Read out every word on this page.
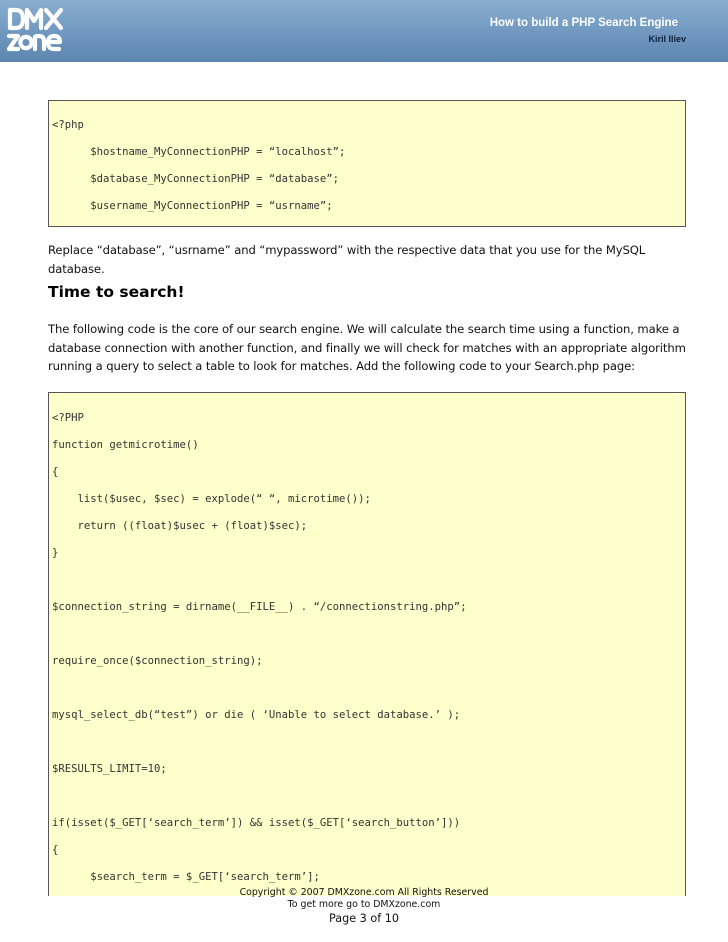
How to build a PHP Search Engine
Kiril Iliev

<?php

$hostname_MyConnectionPHP = “localhost”;

$database_MyConnectionPHP = “database”;

$username_MyConnectionPHP = “usrname”;

Replace “database”, “usrname” and “mypassword” with the respective data that you use for the MySQL database.
Time to search!
The following code is the core of our search engine. We will calculate the search time using a function, make a database connection with another function, and finally we will check for matches with an appropriate algorithm running a query to select a table to look for matches. Add the following code to your Search.php page:

<?PHP

function getmicrotime()

{

list($usec, $sec) = explode(“ “, microtime());

return ((float)$usec + (float)$sec);

}

$connection_string = dirname(__FILE__) . “/connectionstring.php”;

require_once($connection_string);

mysql_select_db(“test”) or die ( ‘Unable to select database.’ );

$RESULTS_LIMIT=10;

if(isset($_GET[‘search_term’]) && isset($_GET[‘search_button’]))

{

$search_term = $_GET[‘search_term’];

Copyright © 2007 DMXzone.com All Rights Reserved
To get more go to DMXzone.com
Page 3 of 10
